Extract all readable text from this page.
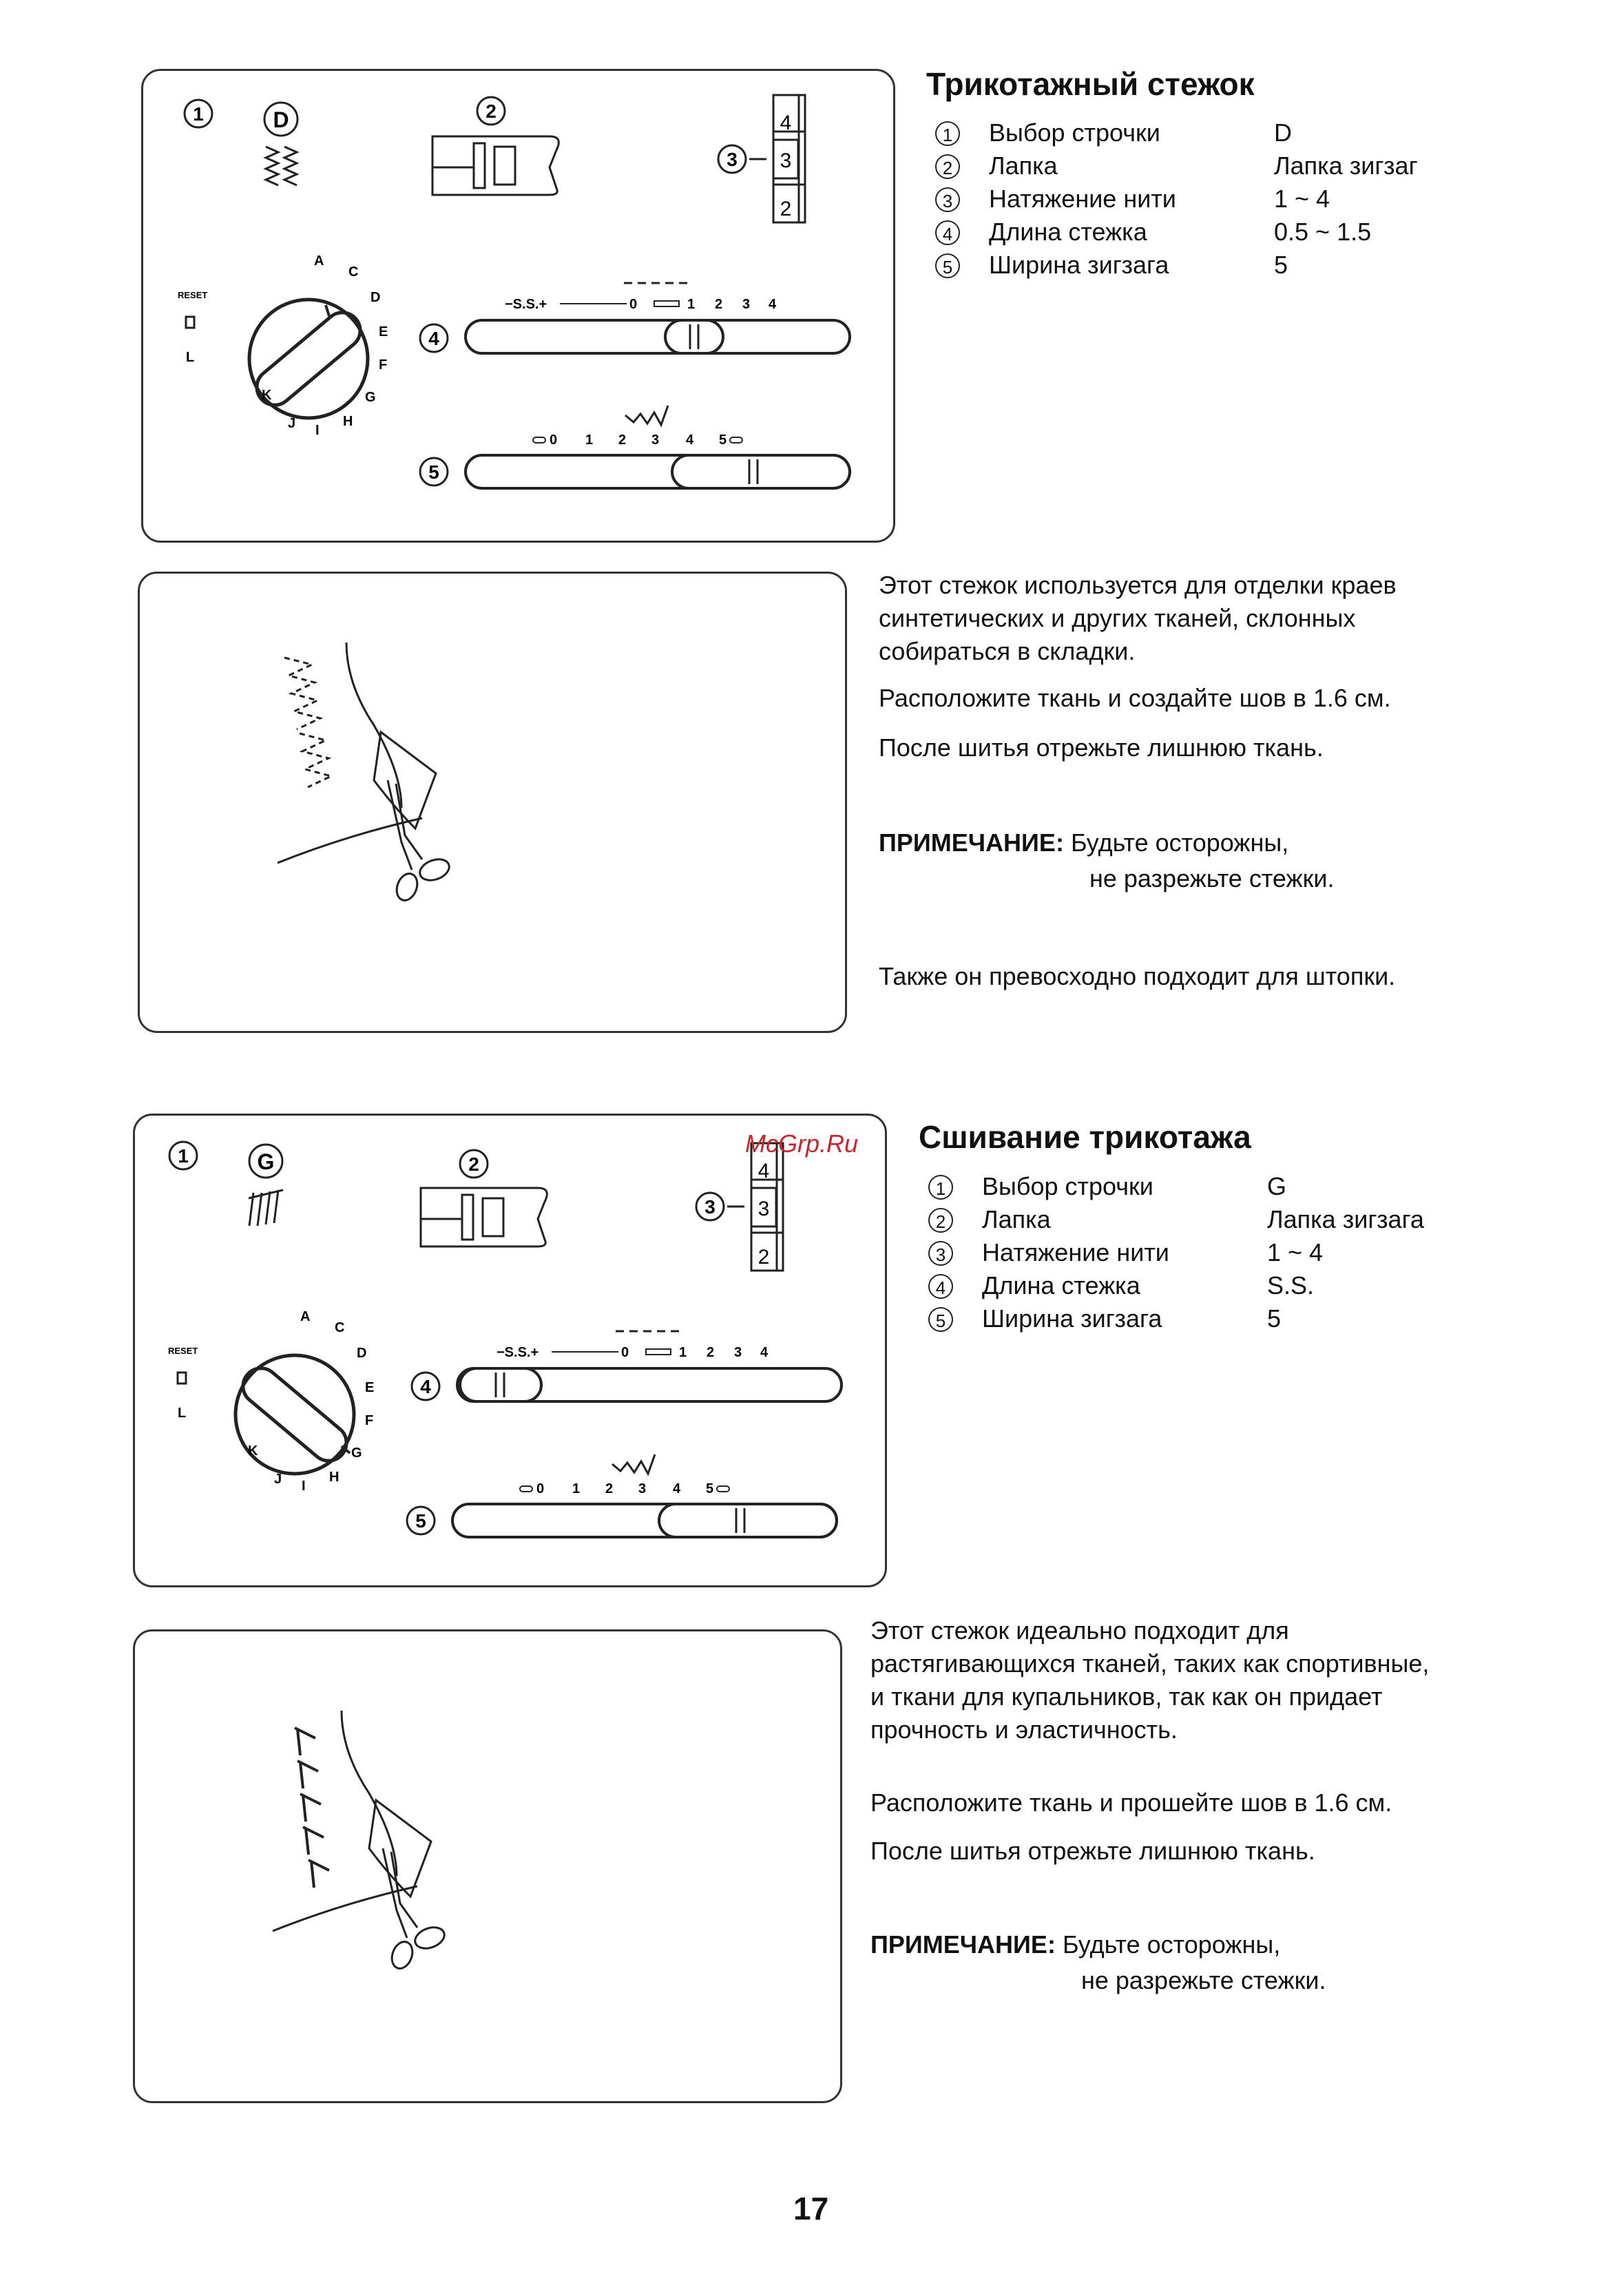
1	D	2
3
4
3
2
RESET
A
C
D
E
F
G
H
I
J
K
L
4
−S.S.+	0	1 2 3 4
5
0 1 2 3 4 5
Трикотажный стежок
1 Выбор строчки	D
2 Лапка	Лапка зигзаг
3 Натяжение нити	1 ~ 4
4 Длина стежка	0.5 ~ 1.5
5 Ширина зигзага	5
Этот стежок используется для отделки краев
синтетических и других тканей, склонных
собираться в складки.
Расположите ткань и создайте шов в 1.6 см.
После шитья отрежьте лишнюю ткань.
ПРИМЕЧАНИЕ: Будьте осторожны,
не разрежьте стежки.
Также он превосходно подходит для штопки.
1	G	2
3
4
3
2
RESET
A
C
D
E
F
G
H
I
J
K
L
4
−S.S.+	0	1 2 3 4
5
0 1 2 3 4 5
McGrp.Ru Сшивание трикотажа
1 Выбор строчки	G
2 Лапка	Лапка зигзага
3 Натяжение нити	1 ~ 4
4 Длина стежка	S.S.
5 Ширина зигзага	5
Этот стежок идеально подходит для
растягивающихся тканей, таких как спортивные,
и ткани для купальников, так как он придает
прочность и эластичность.
Расположите ткань и прошейте шов в 1.6 см.
После шитья отрежьте лишнюю ткань.
ПРИМЕЧАНИЕ: Будьте осторожны,
не разрежьте стежки.
17
